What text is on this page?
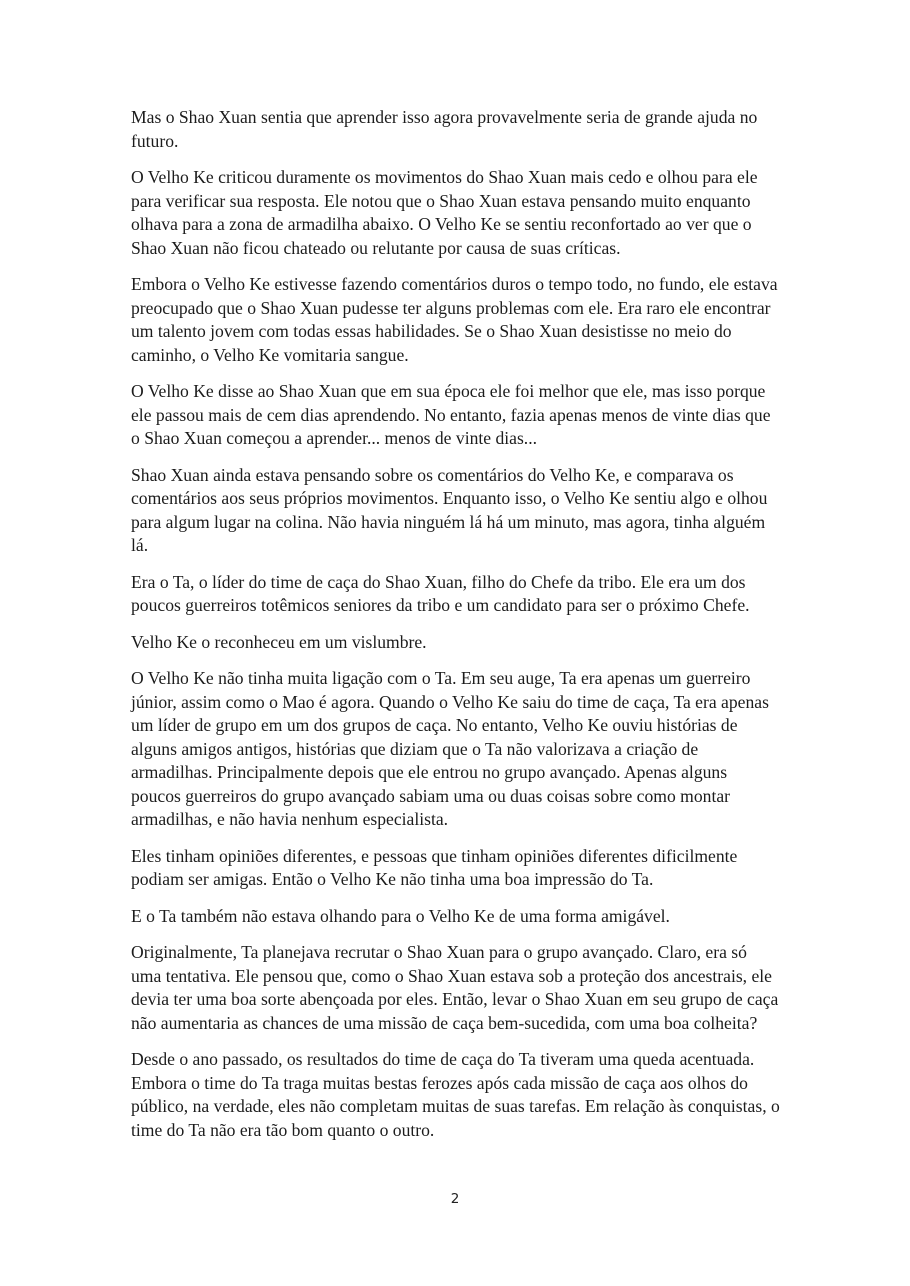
Mas o Shao Xuan sentia que aprender isso agora provavelmente seria de grande ajuda no futuro.

O Velho Ke criticou duramente os movimentos do Shao Xuan mais cedo e olhou para ele para verificar sua resposta. Ele notou que o Shao Xuan estava pensando muito enquanto olhava para a zona de armadilha abaixo. O Velho Ke se sentiu reconfortado ao ver que o Shao Xuan não ficou chateado ou relutante por causa de suas críticas.

Embora o Velho Ke estivesse fazendo comentários duros o tempo todo, no fundo, ele estava preocupado que o Shao Xuan pudesse ter alguns problemas com ele. Era raro ele encontrar um talento jovem com todas essas habilidades. Se o Shao Xuan desistisse no meio do caminho, o Velho Ke vomitaria sangue.

O Velho Ke disse ao Shao Xuan que em sua época ele foi melhor que ele, mas isso porque ele passou mais de cem dias aprendendo. No entanto, fazia apenas menos de vinte dias que o Shao Xuan começou a aprender... menos de vinte dias...

Shao Xuan ainda estava pensando sobre os comentários do Velho Ke, e comparava os comentários aos seus próprios movimentos. Enquanto isso, o Velho Ke sentiu algo e olhou para algum lugar na colina. Não havia ninguém lá há um minuto, mas agora, tinha alguém lá.

Era o Ta, o líder do time de caça do Shao Xuan, filho do Chefe da tribo. Ele era um dos poucos guerreiros totêmicos seniores da tribo e um candidato para ser o próximo Chefe.

Velho Ke o reconheceu em um vislumbre.

O Velho Ke não tinha muita ligação com o Ta. Em seu auge, Ta era apenas um guerreiro júnior, assim como o Mao é agora. Quando o Velho Ke saiu do time de caça, Ta era apenas um líder de grupo em um dos grupos de caça. No entanto, Velho Ke ouviu histórias de alguns amigos antigos, histórias que diziam que o Ta não valorizava a criação de armadilhas. Principalmente depois que ele entrou no grupo avançado. Apenas alguns poucos guerreiros do grupo avançado sabiam uma ou duas coisas sobre como montar armadilhas, e não havia nenhum especialista.

Eles tinham opiniões diferentes, e pessoas que tinham opiniões diferentes dificilmente podiam ser amigas. Então o Velho Ke não tinha uma boa impressão do Ta.

E o Ta também não estava olhando para o Velho Ke de uma forma amigável.

Originalmente, Ta planejava recrutar o Shao Xuan para o grupo avançado. Claro, era só uma tentativa. Ele pensou que, como o Shao Xuan estava sob a proteção dos ancestrais, ele devia ter uma boa sorte abençoada por eles. Então, levar o Shao Xuan em seu grupo de caça não aumentaria as chances de uma missão de caça bem-sucedida, com uma boa colheita?

Desde o ano passado, os resultados do time de caça do Ta tiveram uma queda acentuada. Embora o time do Ta traga muitas bestas ferozes após cada missão de caça aos olhos do público, na verdade, eles não completam muitas de suas tarefas. Em relação às conquistas, o time do Ta não era tão bom quanto o outro.

2
